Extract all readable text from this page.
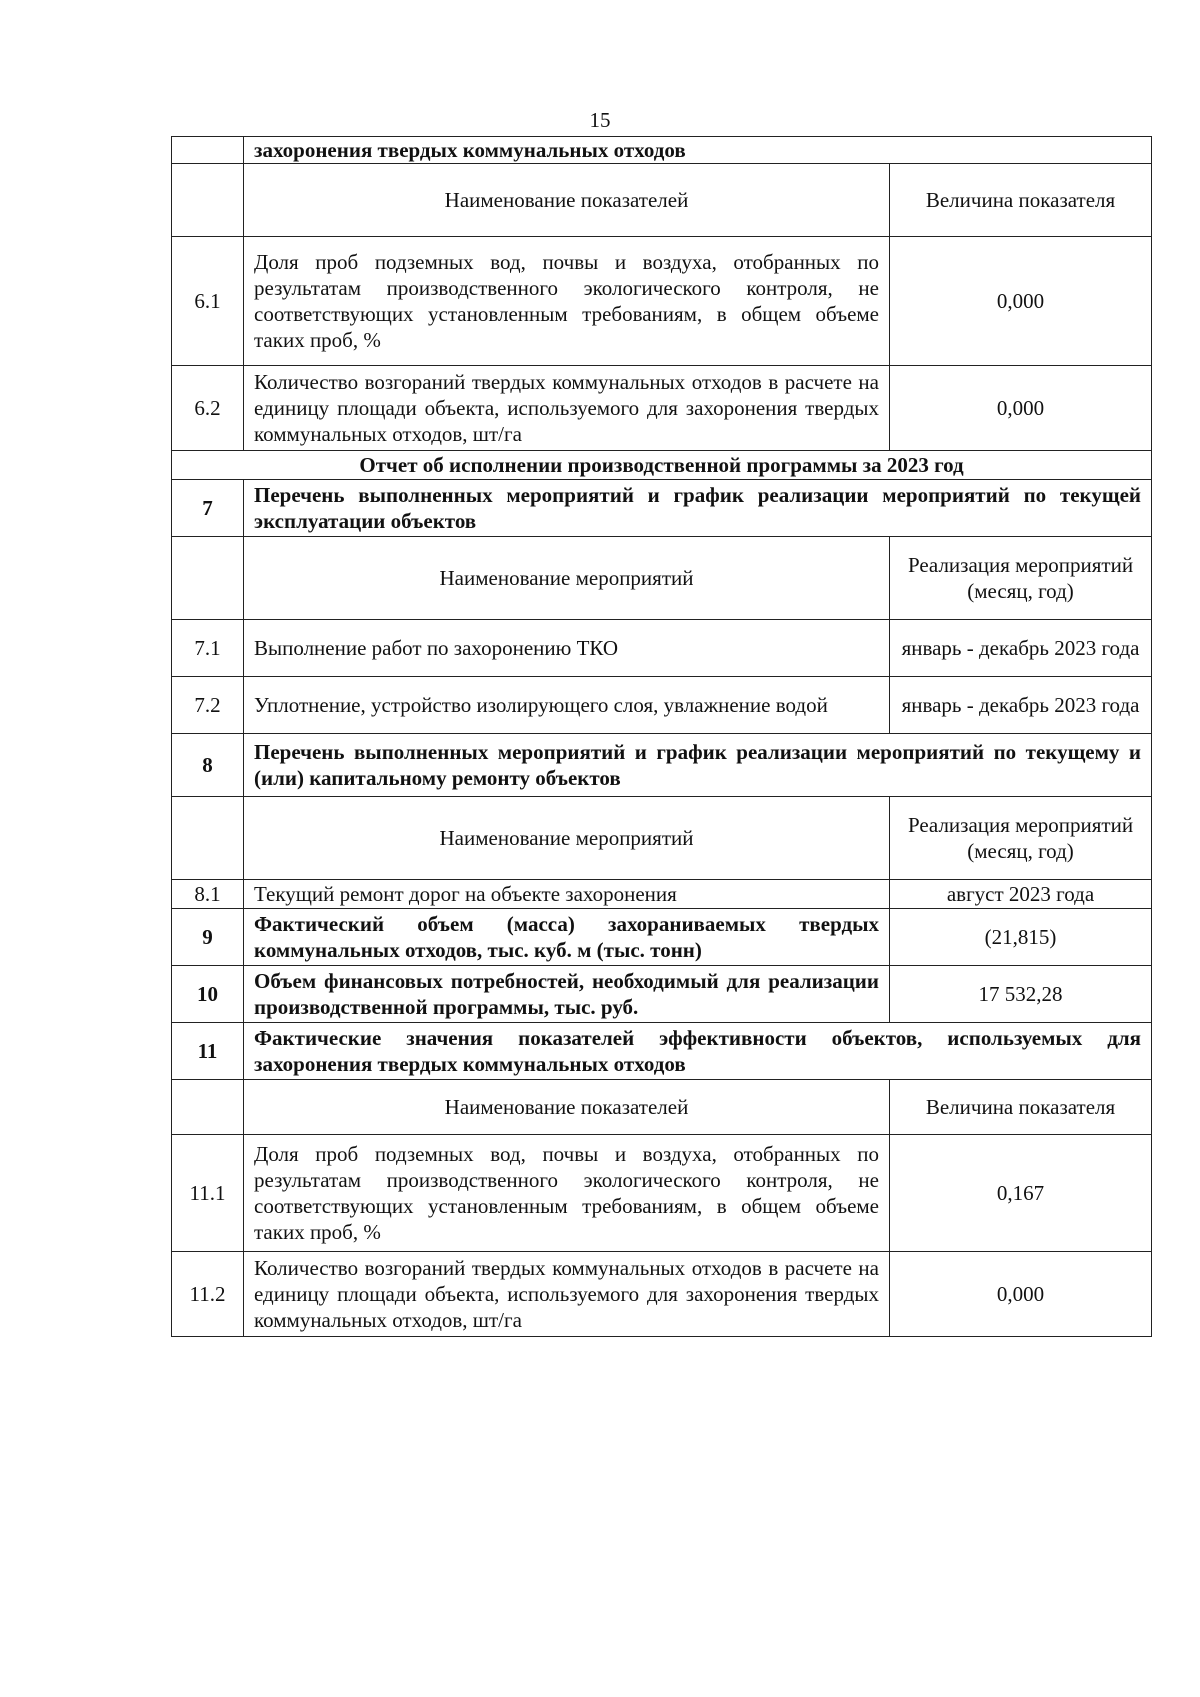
15
	захоронения твердых коммунальных отходов	
	Наименование показателей	Величина показателя
6.1	Доля проб подземных вод, почвы и воздуха, отобранных по результатам производственного экологического контроля, не соответствующих установленным требованиям, в общем объеме таких проб, %	0,000
6.2	Количество возгораний твердых коммунальных отходов в расчете на единицу площади объекта, используемого для захоронения твердых коммунальных отходов, шт/га	0,000
Отчет об исполнении производственной программы за 2023 год		
7	Перечень выполненных мероприятий и график реализации мероприятий по текущей эксплуатации объектов	
	Наименование мероприятий	Реализация мероприятий (месяц, год)
7.1	Выполнение работ по захоронению ТКО	январь - декабрь 2023 года
7.2	Уплотнение, устройство изолирующего слоя, увлажнение водой	январь - декабрь 2023 года
8	Перечень выполненных мероприятий и график реализации мероприятий по текущему и (или) капитальному ремонту объектов	
	Наименование мероприятий	Реализация мероприятий (месяц, год)
8.1	Текущий ремонт дорог на объекте захоронения	август 2023 года
9	Фактический объем (масса) захораниваемых твердых коммунальных отходов, тыс. куб. м (тыс. тонн)	(21,815)
10	Объем финансовых потребностей, необходимый для реализации производственной программы, тыс. руб.	17 532,28
11	Фактические значения показателей эффективности объектов, используемых для захоронения твердых коммунальных отходов	
	Наименование показателей	Величина показателя
11.1	Доля проб подземных вод, почвы и воздуха, отобранных по результатам производственного экологического контроля, не соответствующих установленным требованиям, в общем объеме таких проб, %	0,167
11.2	Количество возгораний твердых коммунальных отходов в расчете на единицу площади объекта, используемого для захоронения твердых коммунальных отходов, шт/га	0,000
